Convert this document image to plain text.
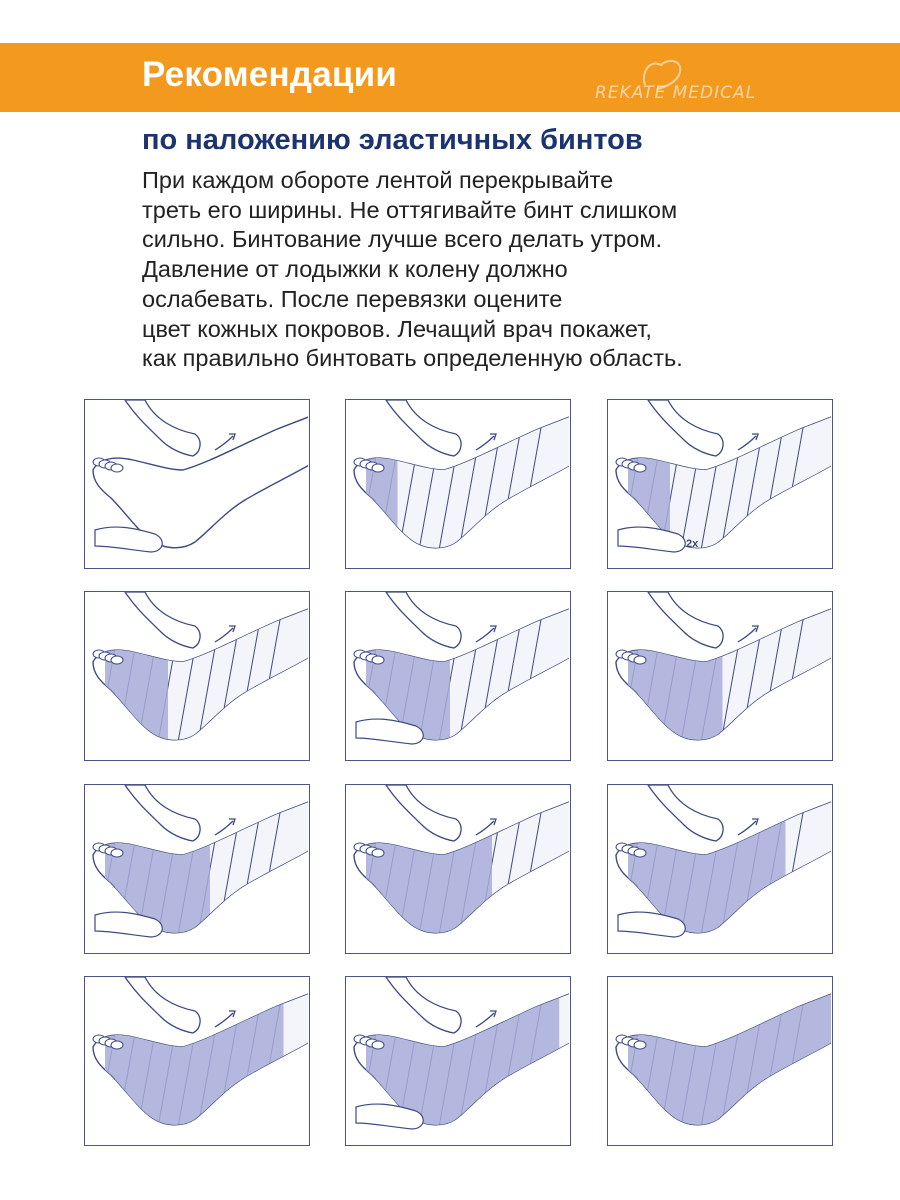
Рекомендации	REKATE MEDICAL
по наложению эластичных бинтов
При каждом обороте лентой перекрывайте
треть его ширины. Не оттягивайте бинт слишком
сильно. Бинтование лучше всего делать утром.
Давление от лодыжки к колену должно
ослабевать. После перевязки оцените
цвет кожных покровов. Лечащий врач покажет,
как правильно бинтовать определенную область.
2x
